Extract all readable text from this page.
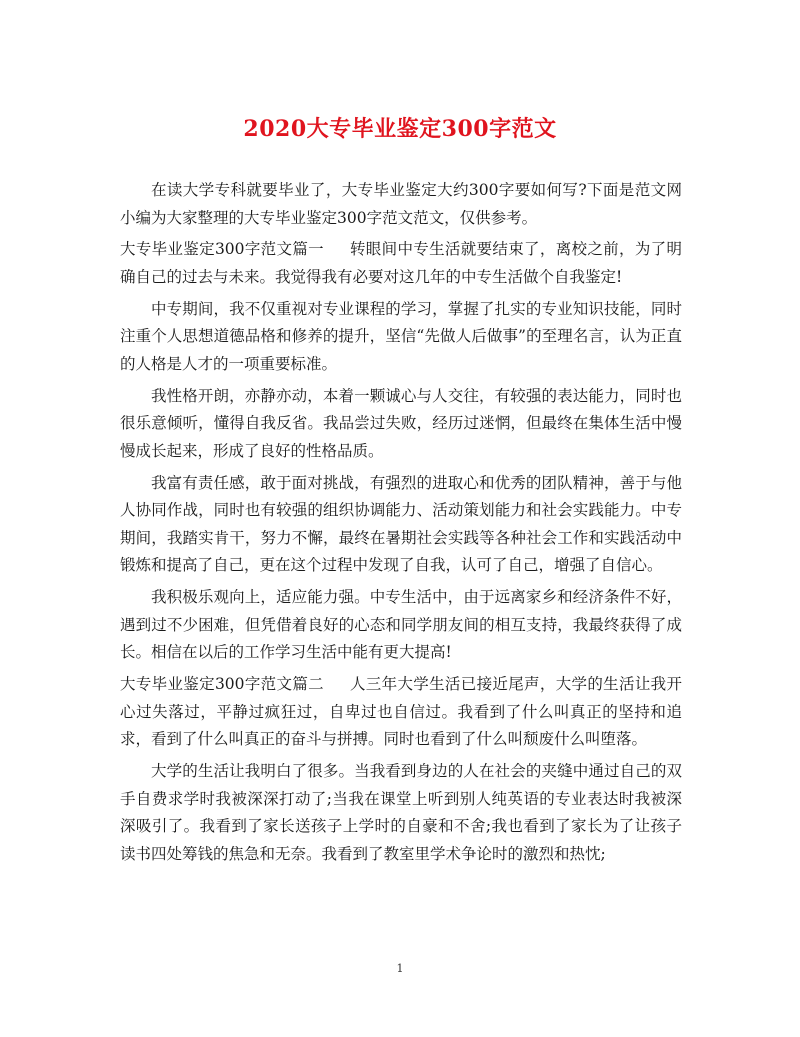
2020大专毕业鉴定300字范文

在读大学专科就要毕业了，大专毕业鉴定大约300字要如何写?下面是范文网小编为大家整理的大专毕业鉴定300字范文范文，仅供参考。

大专毕业鉴定300字范文篇一 转眼间中专生活就要结束了，离校之前，为了明确自己的过去与未来。我觉得我有必要对这几年的中专生活做个自我鉴定!

中专期间，我不仅重视对专业课程的学习，掌握了扎实的专业知识技能，同时注重个人思想道德品格和修养的提升，坚信“先做人后做事”的至理名言，认为正直的人格是人才的一项重要标准。

我性格开朗，亦静亦动，本着一颗诚心与人交往，有较强的表达能力，同时也很乐意倾听，懂得自我反省。我品尝过失败，经历过迷惘，但最终在集体生活中慢慢成长起来，形成了良好的性格品质。

我富有责任感，敢于面对挑战，有强烈的进取心和优秀的团队精神，善于与他人协同作战，同时也有较强的组织协调能力、活动策划能力和社会实践能力。中专期间，我踏实肯干，努力不懈，最终在暑期社会实践等各种社会工作和实践活动中锻炼和提高了自己，更在这个过程中发现了自我，认可了自己，增强了自信心。

我积极乐观向上，适应能力强。中专生活中，由于远离家乡和经济条件不好，遇到过不少困难，但凭借着良好的心态和同学朋友间的相互支持，我最终获得了成长。相信在以后的工作学习生活中能有更大提高!

大专毕业鉴定300字范文篇二 人三年大学生活已接近尾声，大学的生活让我开心过失落过，平静过疯狂过，自卑过也自信过。我看到了什么叫真正的坚持和追求，看到了什么叫真正的奋斗与拼搏。同时也看到了什么叫颓废什么叫堕落。

大学的生活让我明白了很多。当我看到身边的人在社会的夹缝中通过自己的双手自费求学时我被深深打动了;当我在课堂上听到别人纯英语的专业表达时我被深深吸引了。我看到了家长送孩子上学时的自豪和不舍;我也看到了家长为了让孩子读书四处筹钱的焦急和无奈。我看到了教室里学术争论时的激烈和热忱;

1
